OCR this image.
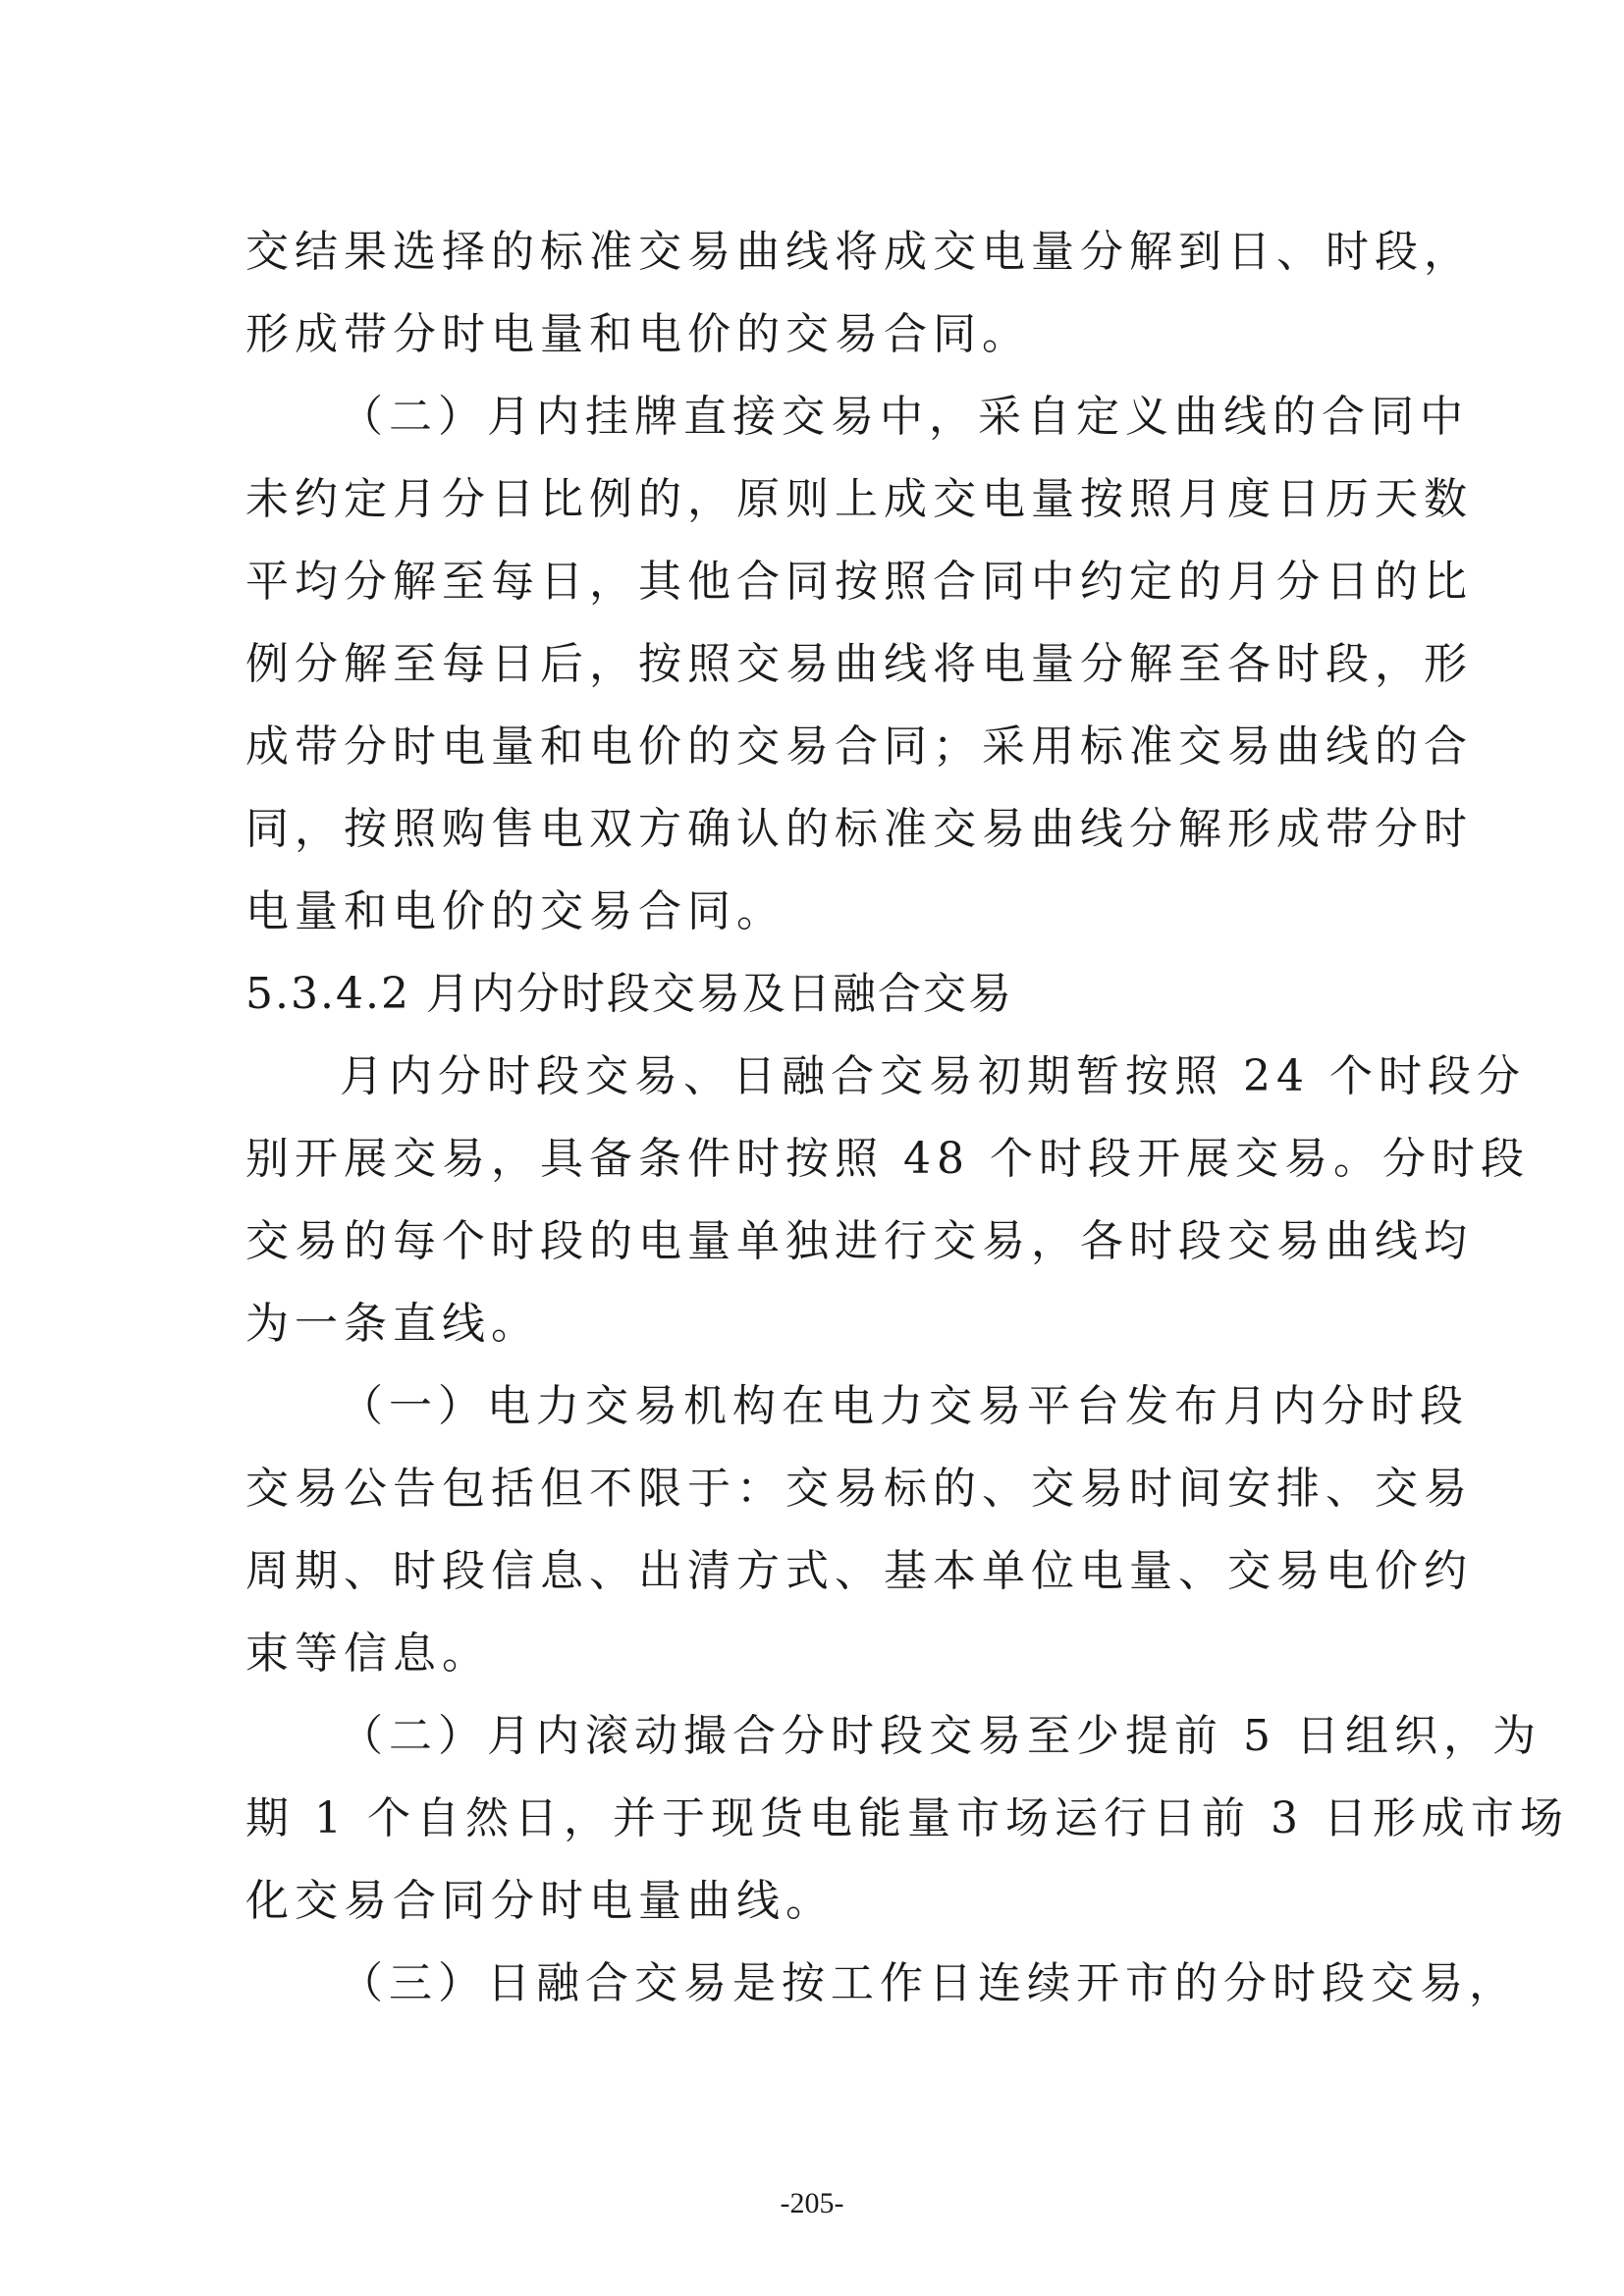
交结果选择的标准交易曲线将成交电量分解到日、时段，
形成带分时电量和电价的交易合同。
（二）月内挂牌直接交易中，采自定义曲线的合同中
未约定月分日比例的，原则上成交电量按照月度日历天数
平均分解至每日，其他合同按照合同中约定的月分日的比
例分解至每日后，按照交易曲线将电量分解至各时段，形
成带分时电量和电价的交易合同；采用标准交易曲线的合
同，按照购售电双方确认的标准交易曲线分解形成带分时
电量和电价的交易合同。
5.3.4.2 月内分时段交易及日融合交易
月内分时段交易、日融合交易初期暂按照 24 个时段分
别开展交易，具备条件时按照 48 个时段开展交易。分时段
交易的每个时段的电量单独进行交易，各时段交易曲线均
为一条直线。
（一）电力交易机构在电力交易平台发布月内分时段
交易公告包括但不限于：交易标的、交易时间安排、交易
周期、时段信息、出清方式、基本单位电量、交易电价约
束等信息。
（二）月内滚动撮合分时段交易至少提前 5 日组织，为
期 1 个自然日，并于现货电能量市场运行日前 3 日形成市场
化交易合同分时电量曲线。
（三）日融合交易是按工作日连续开市的分时段交易，
-205-
